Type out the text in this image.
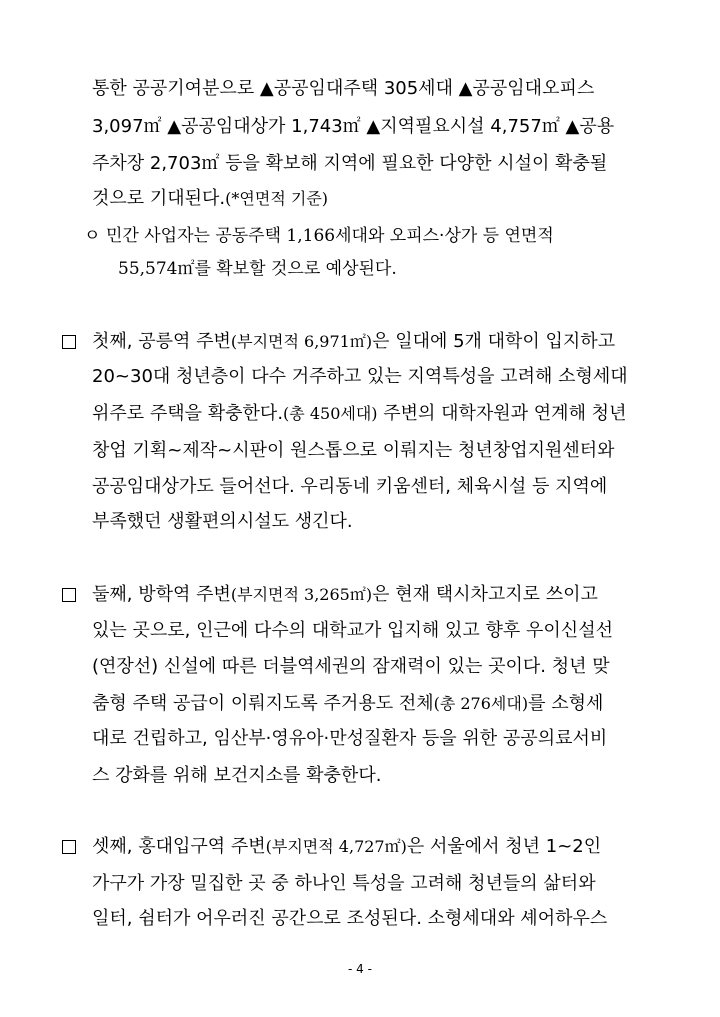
통한 공공기여분으로 ▲공공임대주택 305세대 ▲공공임대오피스
3,097㎡ ▲공공임대상가 1,743㎡ ▲지역필요시설 4,757㎡ ▲공용
주차장 2,703㎡ 등을 확보해 지역에 필요한 다양한 시설이 확충될
것으로 기대된다.(*연면적 기준)
ㅇ 민간 사업자는 공동주택 1,166세대와 오피스·상가 등 연면적
55,574㎡를 확보할 것으로 예상된다.
첫째, 공릉역 주변(부지면적 6,971㎡)은 일대에 5개 대학이 입지하고
20~30대 청년층이 다수 거주하고 있는 지역특성을 고려해 소형세대
위주로 주택을 확충한다.(총 450세대) 주변의 대학자원과 연계해 청년
창업 기획~제작~시판이 원스톱으로 이뤄지는 청년창업지원센터와
공공임대상가도 들어선다. 우리동네 키움센터, 체육시설 등 지역에
부족했던 생활편의시설도 생긴다.
둘째, 방학역 주변(부지면적 3,265㎡)은 현재 택시차고지로 쓰이고
있는 곳으로, 인근에 다수의 대학교가 입지해 있고 향후 우이신설선
(연장선) 신설에 따른 더블역세권의 잠재력이 있는 곳이다. 청년 맞
춤형 주택 공급이 이뤄지도록 주거용도 전체(총 276세대)를 소형세
대로 건립하고, 임산부·영유아·만성질환자 등을 위한 공공의료서비
스 강화를 위해 보건지소를 확충한다.
셋째, 홍대입구역 주변(부지면적 4,727㎡)은 서울에서 청년 1~2인
가구가 가장 밀집한 곳 중 하나인 특성을 고려해 청년들의 삶터와
일터, 쉼터가 어우러진 공간으로 조성된다. 소형세대와 셰어하우스
- 4 -
